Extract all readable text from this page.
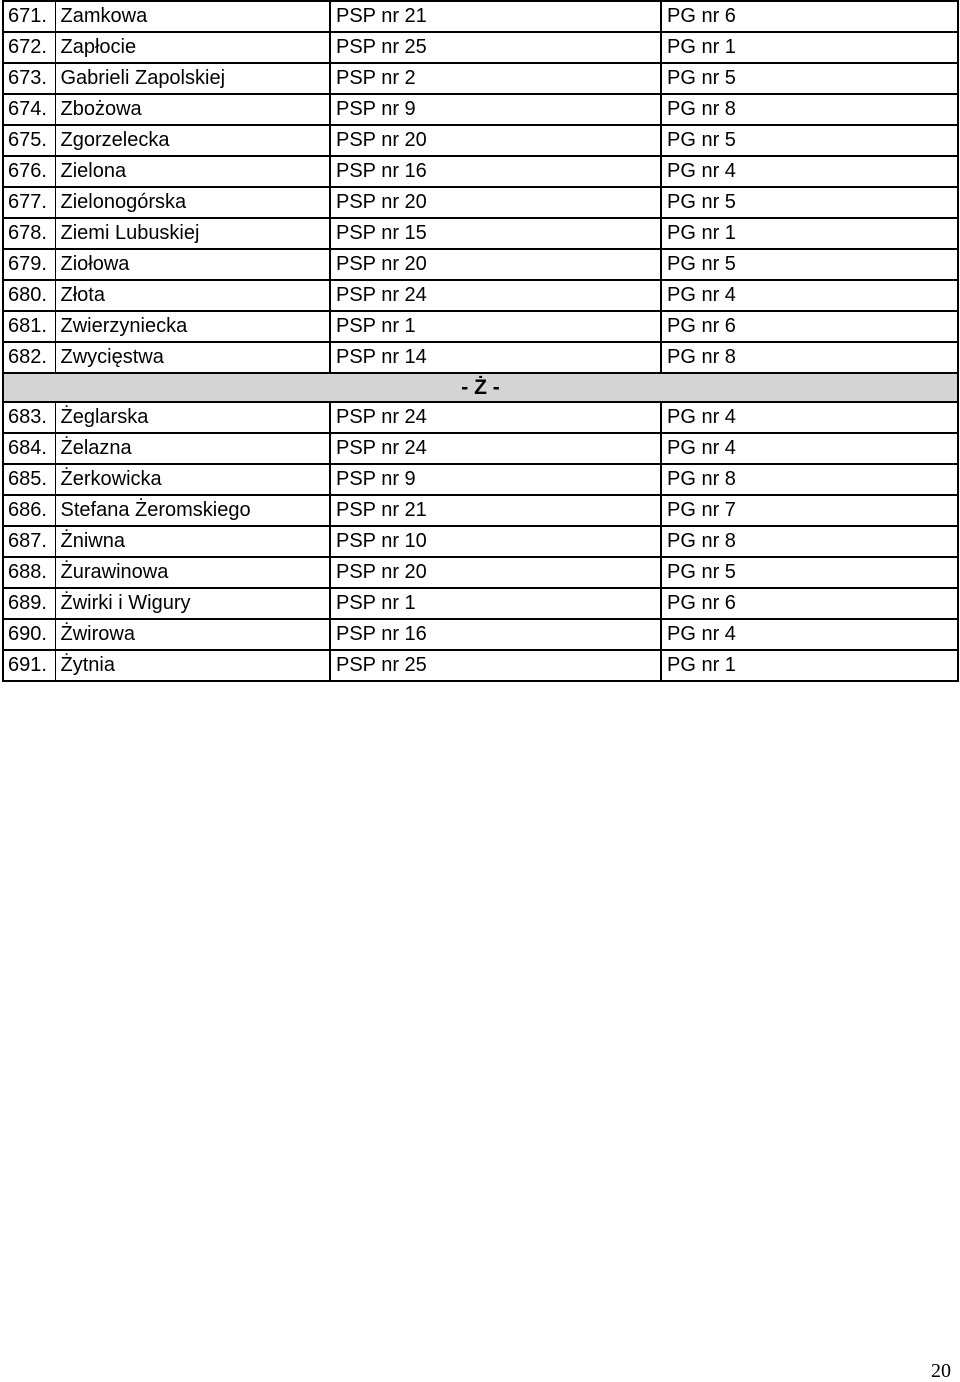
671.	Zamkowa	PSP nr 21	PG nr 6
672.	Zapłocie	PSP nr 25	PG nr 1
673.	Gabrieli Zapolskiej	PSP nr 2	PG nr 5
674.	Zbożowa	PSP nr 9	PG nr 8
675.	Zgorzelecka	PSP nr 20	PG nr 5
676.	Zielona	PSP nr 16	PG nr 4
677.	Zielonogórska	PSP nr 20	PG nr 5
678.	Ziemi Lubuskiej	PSP nr 15	PG nr 1
679.	Ziołowa	PSP nr 20	PG nr 5
680.	Złota	PSP nr 24	PG nr 4
681.	Zwierzyniecka	PSP nr 1	PG nr 6
682.	Zwycięstwa	PSP nr 14	PG nr 8
- Ż -			
683.	Żeglarska	PSP nr 24	PG nr 4
684.	Żelazna	PSP nr 24	PG nr 4
685.	Żerkowicka	PSP nr 9	PG nr 8
686.	Stefana Żeromskiego	PSP nr 21	PG nr 7
687.	Żniwna	PSP nr 10	PG nr 8
688.	Żurawinowa	PSP nr 20	PG nr 5
689.	Żwirki i Wigury	PSP nr 1	PG nr 6
690.	Żwirowa	PSP nr 16	PG nr 4
691.	Żytnia	PSP nr 25	PG nr 1
20
